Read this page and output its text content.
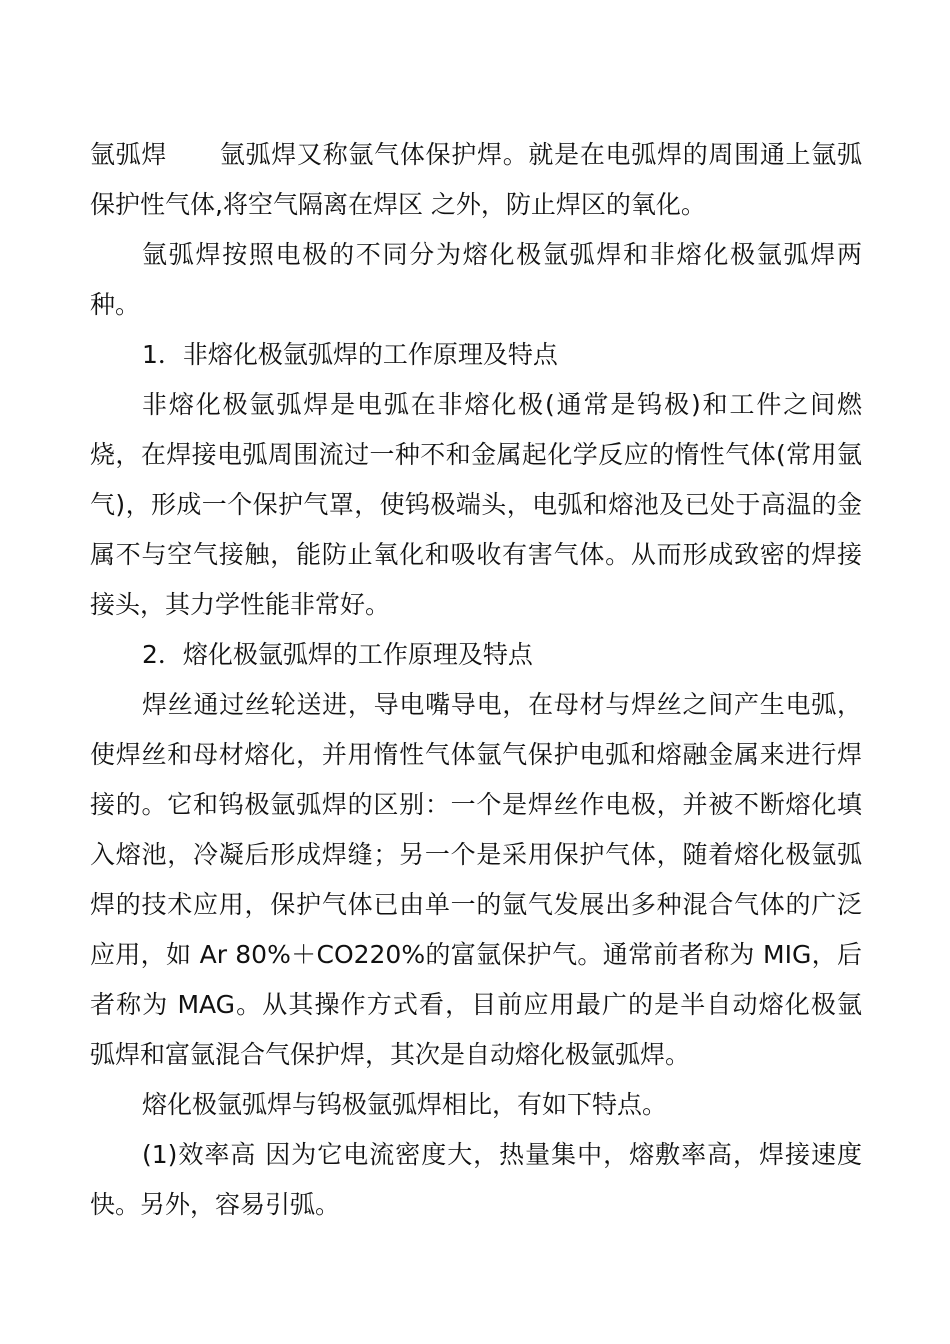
氩弧焊 氩弧焊又称氩气体保护焊。就是在电弧焊的周围通上氩弧
保护性气体,将空气隔离在焊区 之外，防止焊区的氧化。
氩弧焊按照电极的不同分为熔化极氩弧焊和非熔化极氩弧焊两
种。
1．非熔化极氩弧焊的工作原理及特点
非熔化极氩弧焊是电弧在非熔化极(通常是钨极)和工件之间燃
烧，在焊接电弧周围流过一种不和金属起化学反应的惰性气体(常用氩
气)，形成一个保护气罩，使钨极端头，电弧和熔池及已处于高温的金
属不与空气接触，能防止氧化和吸收有害气体。从而形成致密的焊接
接头，其力学性能非常好。
2．熔化极氩弧焊的工作原理及特点
焊丝通过丝轮送进，导电嘴导电，在母材与焊丝之间产生电弧，
使焊丝和母材熔化，并用惰性气体氩气保护电弧和熔融金属来进行焊
接的。它和钨极氩弧焊的区别：一个是焊丝作电极，并被不断熔化填
入熔池，冷凝后形成焊缝；另一个是采用保护气体，随着熔化极氩弧
焊的技术应用，保护气体已由单一的氩气发展出多种混合气体的广泛
应用，如 Ar 80%＋CO220%的富氩保护气。通常前者称为 MIG，后
者称为 MAG。从其操作方式看，目前应用最广的是半自动熔化极氩
弧焊和富氩混合气保护焊，其次是自动熔化极氩弧焊。
熔化极氩弧焊与钨极氩弧焊相比，有如下特点。
(1)效率高 因为它电流密度大，热量集中，熔敷率高，焊接速度
快。另外，容易引弧。
